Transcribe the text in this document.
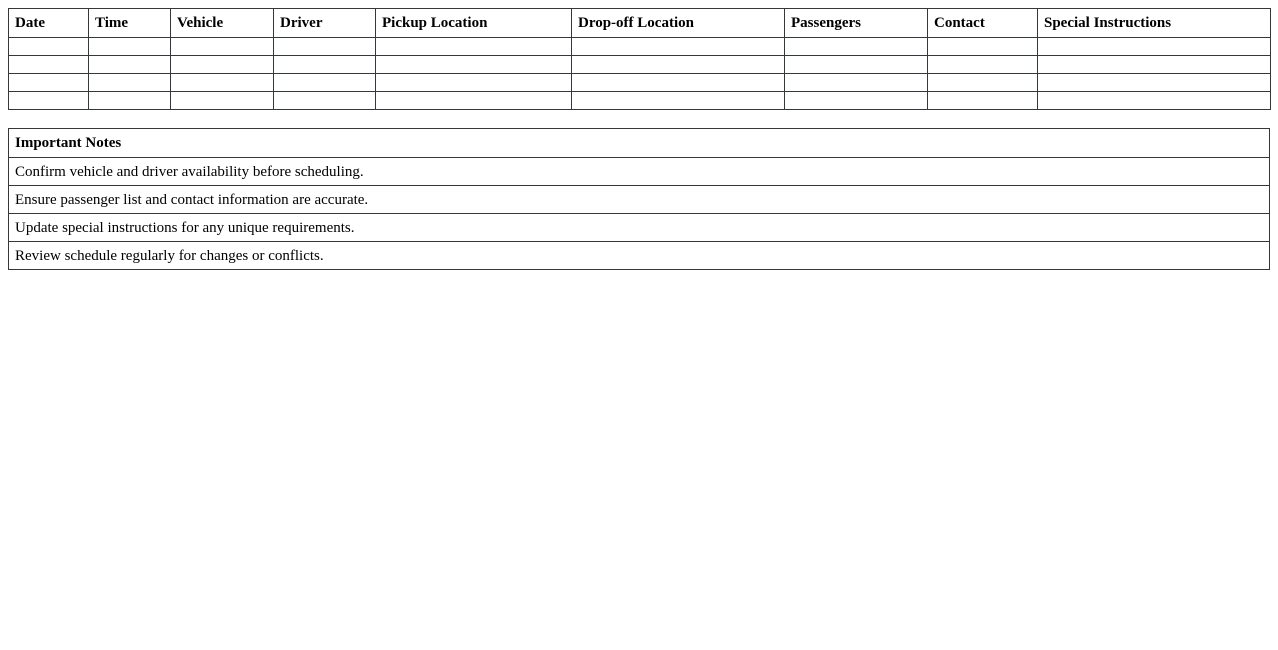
Date	Time	Vehicle	Driver	Pickup Location	Drop-off Location	Passengers	Contact	Special Instructions

Important Notes
Confirm vehicle and driver availability before scheduling.
Ensure passenger list and contact information are accurate.
Update special instructions for any unique requirements.
Review schedule regularly for changes or conflicts.
